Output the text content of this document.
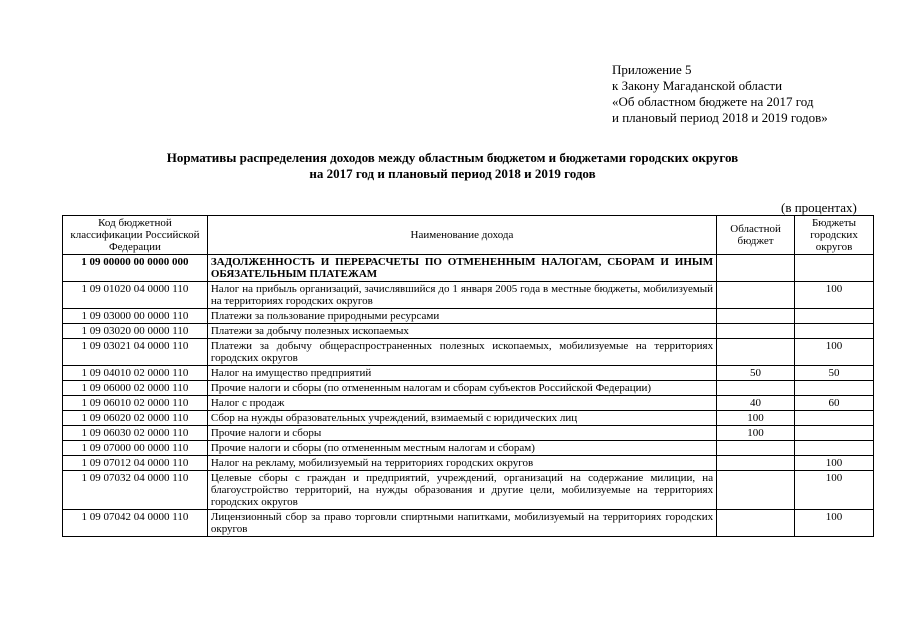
Приложение 5
к Закону Магаданской области
«Об областном бюджете на 2017 год
и плановый период 2018 и 2019 годов»
Нормативы распределения доходов между областным бюджетом и бюджетами городских округов
на 2017 год и плановый период 2018 и 2019 годов
(в процентах)
Код бюджетной классификации Российской Федерации	Наименование дохода	Областной бюджет	Бюджеты городских округов
1 09 00000 00 0000 000	ЗАДОЛЖЕННОСТЬ И ПЕРЕРАСЧЕТЫ ПО ОТМЕНЕННЫМ НАЛОГАМ, СБОРАМ И ИНЫМ ОБЯЗАТЕЛЬНЫМ ПЛАТЕЖАМ		
1 09 01020 04 0000 110	Налог на прибыль организаций, зачислявшийся до 1 января 2005 года в местные бюджеты, мобилизуемый на территориях городских округов		100
1 09 03000 00 0000 110	Платежи за пользование природными ресурсами		
1 09 03020 00 0000 110	Платежи за добычу полезных ископаемых		
1 09 03021 04 0000 110	Платежи за добычу общераспространенных полезных ископаемых, мобилизуемые на территориях городских округов		100
1 09 04010 02 0000 110	Налог на имущество предприятий	50	50
1 09 06000 02 0000 110	Прочие налоги и сборы (по отмененным налогам и сборам субъектов Российской Федерации)		
1 09 06010 02 0000 110	Налог с продаж	40	60
1 09 06020 02 0000 110	Сбор на нужды образовательных учреждений, взимаемый с юридических лиц	100	
1 09 06030 02 0000 110	Прочие налоги и сборы	100	
1 09 07000 00 0000 110	Прочие налоги и сборы (по отмененным местным налогам и сборам)		
1 09 07012 04 0000 110	Налог на рекламу, мобилизуемый на территориях городских округов		100
1 09 07032 04 0000 110	Целевые сборы с граждан и предприятий, учреждений, организаций на содержание милиции, на благоустройство территорий, на нужды образования и другие цели, мобилизуемые на территориях городских округов		100
1 09 07042 04 0000 110	Лицензионный сбор за право торговли спиртными напитками, мобилизуемый на территориях городских округов		100
